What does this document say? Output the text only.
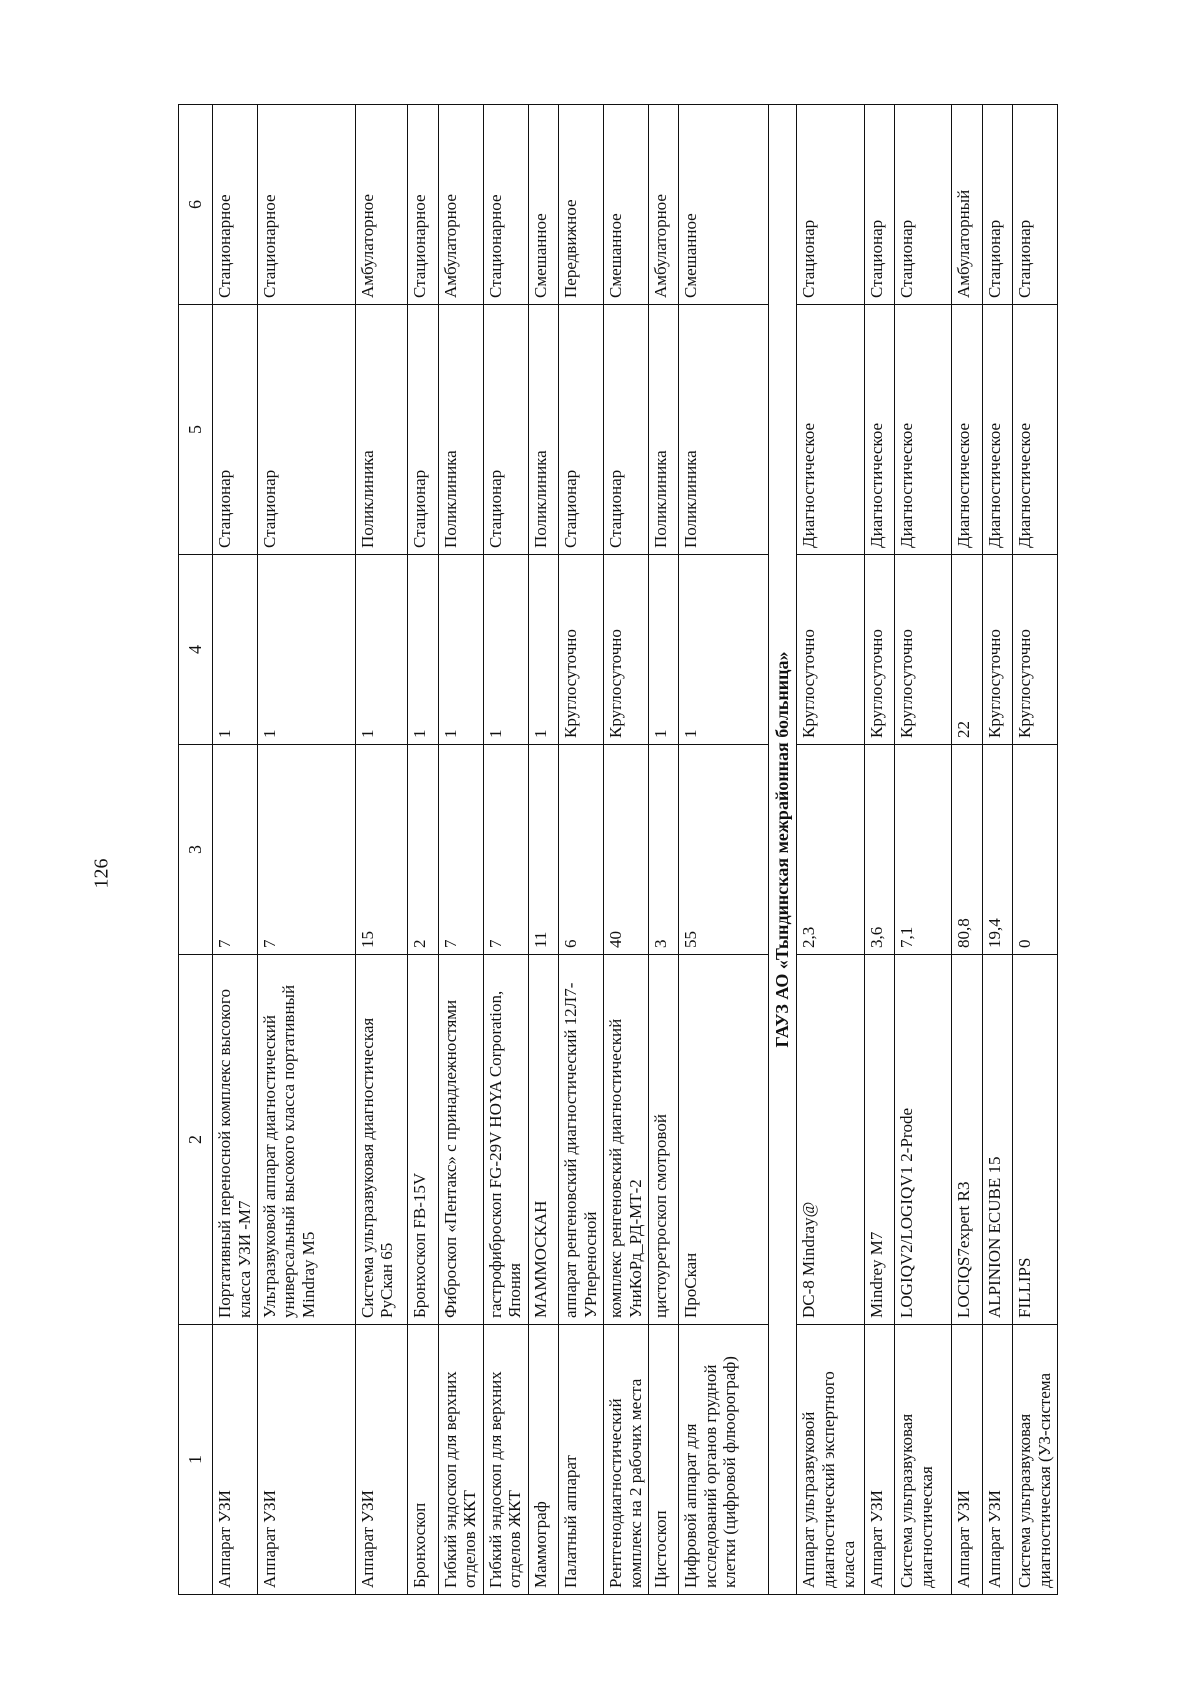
126
1	2	3	4	5	6
Аппарат УЗИ	Портативный переносной комплекс высокого класса УЗИ -М7	7	1	Стационар	Стационарное
Аппарат УЗИ	Ультразвуковой аппарат диагностический универсальный высокого класса портативный Mindray M5	7	1	Стационар	Стационарное
Аппарат УЗИ	Система ультразвуковая диагностическая РуСкан 65	15	1	Поликлиника	Амбулаторное
Бронхоскоп	Бронхоскоп FB-15V	2	1	Стационар	Стационарное
Гибкий эндоскоп для верхних отделов ЖКТ	Фиброскоп «Пентакс» с принадлежностями	7	1	Поликлиника	Амбулаторное
Гибкий эндоскоп для верхних отделов ЖКТ	гастрофиброскоп FG-29V HOYA Corporation, Япония	7	1	Стационар	Стационарное
Маммограф	МАММОСКАН	11	1	Поликлиника	Смешанное
Палатный аппарат	аппарат ренгеновский диагностический 12Л7-УРпереносной	6	Круглосуточно	Стационар	Передвижное
Рентгенодиагностический комплекс на 2 рабочих места	комплекс ренгеновский диагностический УниКоРд_РД-МТ-2	40	Круглосуточно	Стационар	Смешанное
Цистоскоп	цистоуретроскоп смотровой	3	1	Поликлиника	Амбулаторное
Цифровой аппарат для исследований органов грудной клетки (цифровой флюорограф)	ПроСкан	55	1	Поликлиника	Смешанное
ГАУЗ АО «Тындинская межрайонная больница»					
Аппарат ультразвуковой диагностический экспертного класса	DC-8 Mindray@	2,3	Круглосуточно	Диагностическое	Стационар
Аппарат УЗИ	Mindrey M7	3,6	Круглосуточно	Диагностическое	Стационар
Система ультразвуковая диагностическая	LOGIQV2/LOGIQV1 2-Prode	7,1	Круглосуточно	Диагностическое	Стационар
Аппарат УЗИ	LOCIQS7expert R3	80,8	22	Диагностическое	Амбулаторный
Аппарат УЗИ	ALPINION ECUBE 15	19,4	Круглосуточно	Диагностическое	Стационар
Система ультразвуковая диагностическая (УЗ-система	FILLIPS	0	Круглосуточно	Диагностическое	Стационар
